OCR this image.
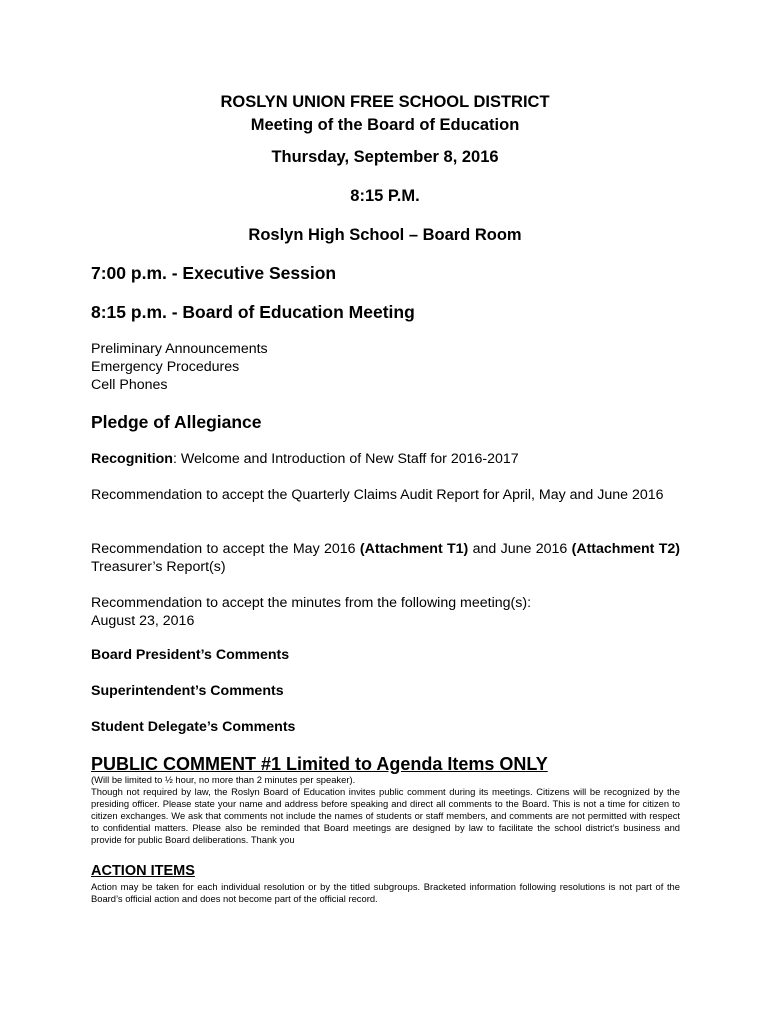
ROSLYN UNION FREE SCHOOL DISTRICT
Meeting of the Board of Education
Thursday, September 8, 2016
8:15 P.M.
Roslyn High School – Board Room
7:00 p.m. - Executive Session
8:15 p.m. - Board of Education Meeting
Preliminary Announcements
Emergency Procedures
Cell Phones
Pledge of Allegiance
Recognition: Welcome and Introduction of New Staff for 2016-2017
Recommendation to accept the Quarterly Claims Audit Report for April, May and June 2016
Recommendation to accept the May 2016 (Attachment T1) and June 2016 (Attachment T2) Treasurer’s Report(s)
Recommendation to accept the minutes from the following meeting(s):
August 23, 2016
Board President’s Comments
Superintendent’s Comments
Student Delegate’s Comments
PUBLIC COMMENT #1 Limited to Agenda Items ONLY
(Will be limited to ½ hour, no more than 2 minutes per speaker).
Though not required by law, the Roslyn Board of Education invites public comment during its meetings. Citizens will be recognized by the presiding officer. Please state your name and address before speaking and direct all comments to the Board. This is not a time for citizen to citizen exchanges. We ask that comments not include the names of students or staff members, and comments are not permitted with respect to confidential matters. Please also be reminded that Board meetings are designed by law to facilitate the school district’s business and provide for public Board deliberations. Thank you
ACTION ITEMS
Action may be taken for each individual resolution or by the titled subgroups. Bracketed information following resolutions is not part of the Board’s official action and does not become part of the official record.
